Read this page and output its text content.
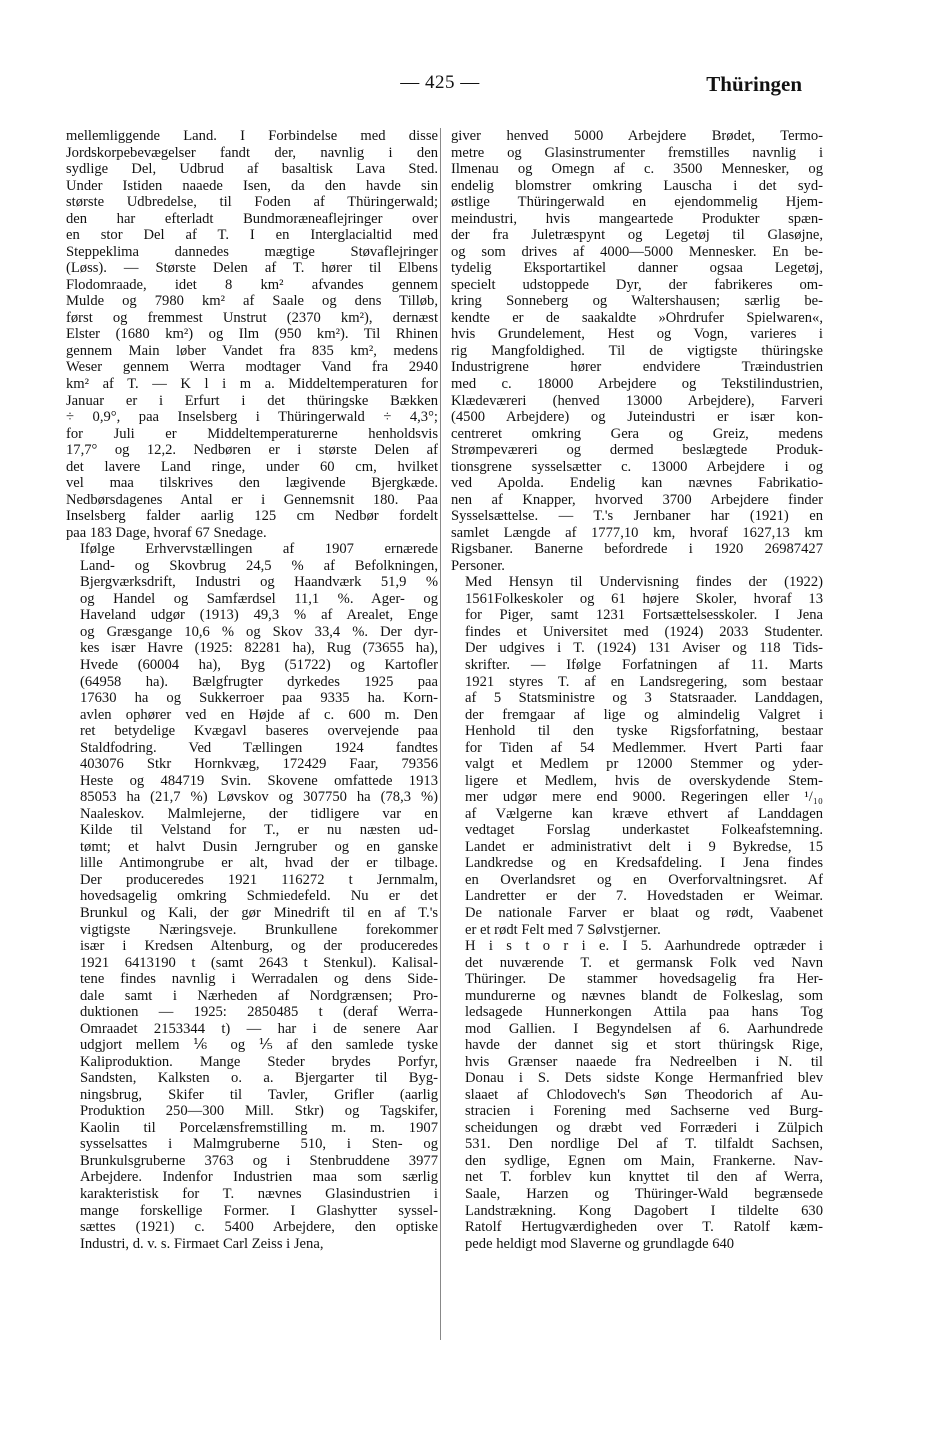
— 425 —	Thüringen

mellemliggende Land. I Forbindelse med disse
Jordskorpebevægelser fandt der, navnlig i den
sydlige Del, Udbrud af basaltisk Lava Sted.
Under Istiden naaede Isen, da den havde sin
største Udbredelse, til Foden af Thüringerwald;
den har efterladt Bundmoræneaflejringer over
en stor Del af T. I en Interglacialtid med
Steppeklima dannedes mægtige Støvaflejringer
(Løss). — Største Delen af T. hører til Elbens
Flodomraade, idet 8 km² afvandes gennem
Mulde og 7980 km² af Saale og dens Tilløb,
først og fremmest Unstrut (2370 km²), dernæst
Elster (1680 km²) og Ilm (950 km²). Til Rhinen
gennem Main løber Vandet fra 835 km², medens
Weser gennem Werra modtager Vand fra 2940
km² af T. — K l i m a. Middeltemperaturen for
Januar er i Erfurt i det thüringske Bækken
÷ 0,9°, paa Inselsberg i Thüringerwald ÷ 4,3°;
for Juli er Middeltemperaturerne henholdsvis
17,7° og 12,2. Nedbøren er i største Delen af
det lavere Land ringe, under 60 cm, hvilket
vel maa tilskrives den lægivende Bjergkæde.
Nedbørsdagenes Antal er i Gennemsnit 180. Paa
Inselsberg falder aarlig 125 cm Nedbør fordelt
paa 183 Dage, hvoraf 67 Snedage.

Ifølge Erhvervstællingen af 1907 ernærede
Land- og Skovbrug 24,5 % af Befolkningen,
Bjergværksdrift, Industri og Haandværk 51,9 %
og Handel og Samfærdsel 11,1 %. Ager- og
Haveland udgør (1913) 49,3 % af Arealet, Enge
og Græsgange 10,6 % og Skov 33,4 %. Der dyr-
kes især Havre (1925: 82281 ha), Rug (73655 ha),
Hvede (60004 ha), Byg (51722) og Kartofler
(64958 ha). Bælgfrugter dyrkedes 1925 paa
17630 ha og Sukkerroer paa 9335 ha. Korn-
avlen ophører ved en Højde af c. 600 m. Den
ret betydelige Kvægavl baseres overvejende paa
Staldfodring. Ved Tællingen 1924 fandtes
403076 Stkr Hornkvæg, 172429 Faar, 79356
Heste og 484719 Svin. Skovene omfattede 1913
85053 ha (21,7 %) Løvskov og 307750 ha (78,3 %)
Naaleskov. Malmlejerne, der tidligere var en
Kilde til Velstand for T., er nu næsten ud-
tømt; et halvt Dusin Jerngruber og en ganske
lille Antimongrube er alt, hvad der er tilbage.
Der produceredes 1921 116272 t Jernmalm,
hovedsagelig omkring Schmiedefeld. Nu er det
Brunkul og Kali, der gør Minedrift til en af T.'s
vigtigste Næringsveje. Brunkullene forekommer
især i Kredsen Altenburg, og der produceredes
1921 6413190 t (samt 2643 t Stenkul). Kalisal-
tene findes navnlig i Werradalen og dens Side-
dale samt i Nærheden af Nordgrænsen; Pro-
duktionen — 1925: 2850485 t (deraf Werra-
Omraadet 2153344 t) — har i de senere Aar
udgjort mellem ⅙ og ⅕ af den samlede tyske
Kaliproduktion. Mange Steder brydes Porfyr,
Sandsten, Kalksten o. a. Bjergarter til Byg-
ningsbrug, Skifer til Tavler, Grifler (aarlig
Produktion 250—300 Mill. Stkr) og Tagskifer,
Kaolin til Porcelænsfremstilling m. m. 1907
sysselsattes i Malmgruberne 510, i Sten- og
Brunkulsgruberne 3763 og i Stenbruddene 3977
Arbejdere. Indenfor Industrien maa som særlig
karakteristisk for T. nævnes Glasindustrien i
mange forskellige Former. I Glashytter syssel-
sættes (1921) c. 5400 Arbejdere, den optiske
Industri, d. v. s. Firmaet Carl Zeiss i Jena,

giver henved 5000 Arbejdere Brødet, Termo-
metre og Glasinstrumenter fremstilles navnlig i
Ilmenau og Omegn af c. 3500 Mennesker, og
endelig blomstrer omkring Lauscha i det syd-
østlige Thüringerwald en ejendommelig Hjem-
meindustri, hvis mangeartede Produkter spæn-
der fra Juletræspynt og Legetøj til Glasøjne,
og som drives af 4000—5000 Mennesker. En be-
tydelig Eksportartikel danner ogsaa Legetøj,
specielt udstoppede Dyr, der fabrikeres om-
kring Sonneberg og Waltershausen; særlig be-
kendte er de saakaldte »Ohrdrufer Spielwaren«,
hvis Grundelement, Hest og Vogn, varieres i
rig Mangfoldighed. Til de vigtigste thüringske
Industrigrene hører endvidere Træindustrien
med c. 18000 Arbejdere og Tekstilindustrien,
Klædeværeri (henved 13000 Arbejdere), Farveri
(4500 Arbejdere) og Juteindustri er især kon-
centreret omkring Gera og Greiz, medens
Strømpeværeri og dermed beslægtede Produk-
tionsgrene sysselsætter c. 13000 Arbejdere i og
ved Apolda. Endelig kan nævnes Fabrikatio-
nen af Knapper, hvorved 3700 Arbejdere finder
Sysselsættelse. — T.'s Jernbaner har (1921) en
samlet Længde af 1777,10 km, hvoraf 1627,13 km
Rigsbaner. Banerne befordrede i 1920 26987427
Personer.

Med Hensyn til Undervisning findes der (1922)
1561Folkeskoler og 61 højere Skoler, hvoraf 13
for Piger, samt 1231 Fortsættelsesskoler. I Jena
findes et Universitet med (1924) 2033 Studenter.
Der udgives i T. (1924) 131 Aviser og 118 Tids-
skrifter. — Ifølge Forfatningen af 11. Marts
1921 styres T. af en Landsregering, som bestaar
af 5 Statsministre og 3 Statsraader. Landdagen,
der fremgaar af lige og almindelig Valgret i
Henhold til den tyske Rigsforfatning, bestaar
for Tiden af 54 Medlemmer. Hvert Parti faar
valgt et Medlem pr 12000 Stemmer og yder-
ligere et Medlem, hvis de overskydende Stem-
mer udgør mere end 9000. Regeringen eller ¹/₁₀
af Vælgerne kan kræve ethvert af Landdagen
vedtaget Forslag underkastet Folkeafstemning.
Landet er administrativt delt i 9 Bykredse, 15
Landkredse og en Kredsafdeling. I Jena findes
en Overlandsret og en Overforvaltningsret. Af
Landretter er der 7. Hovedstaden er Weimar.
De nationale Farver er blaat og rødt, Vaabenet
er et rødt Felt med 7 Sølvstjerner.

H i s t o r i e. I 5. Aarhundrede optræder i
det nuværende T. et germansk Folk ved Navn
Thüringer. De stammer hovedsagelig fra Her-
mundurerne og nævnes blandt de Folkeslag, som
ledsagede Hunnerkongen Attila paa hans Tog
mod Gallien. I Begyndelsen af 6. Aarhundrede
havde der dannet sig et stort thüringsk Rige,
hvis Grænser naaede fra Nedreelben i N. til
Donau i S. Dets sidste Konge Hermanfried blev
slaaet af Chlodovech's Søn Theodorich af Au-
stracien i Forening med Sachserne ved Burg-
scheidungen og dræbt ved Forræderi i Zülpich
531. Den nordlige Del af T. tilfaldt Sachsen,
den sydlige, Egnen om Main, Frankerne. Nav-
net T. forblev kun knyttet til den af Werra,
Saale, Harzen og Thüringer-Wald begrænsede
Landstrækning. Kong Dagobert I tildelte 630
Ratolf Hertugværdigheden over T. Ratolf kæm-
pede heldigt mod Slaverne og grundlagde 640
